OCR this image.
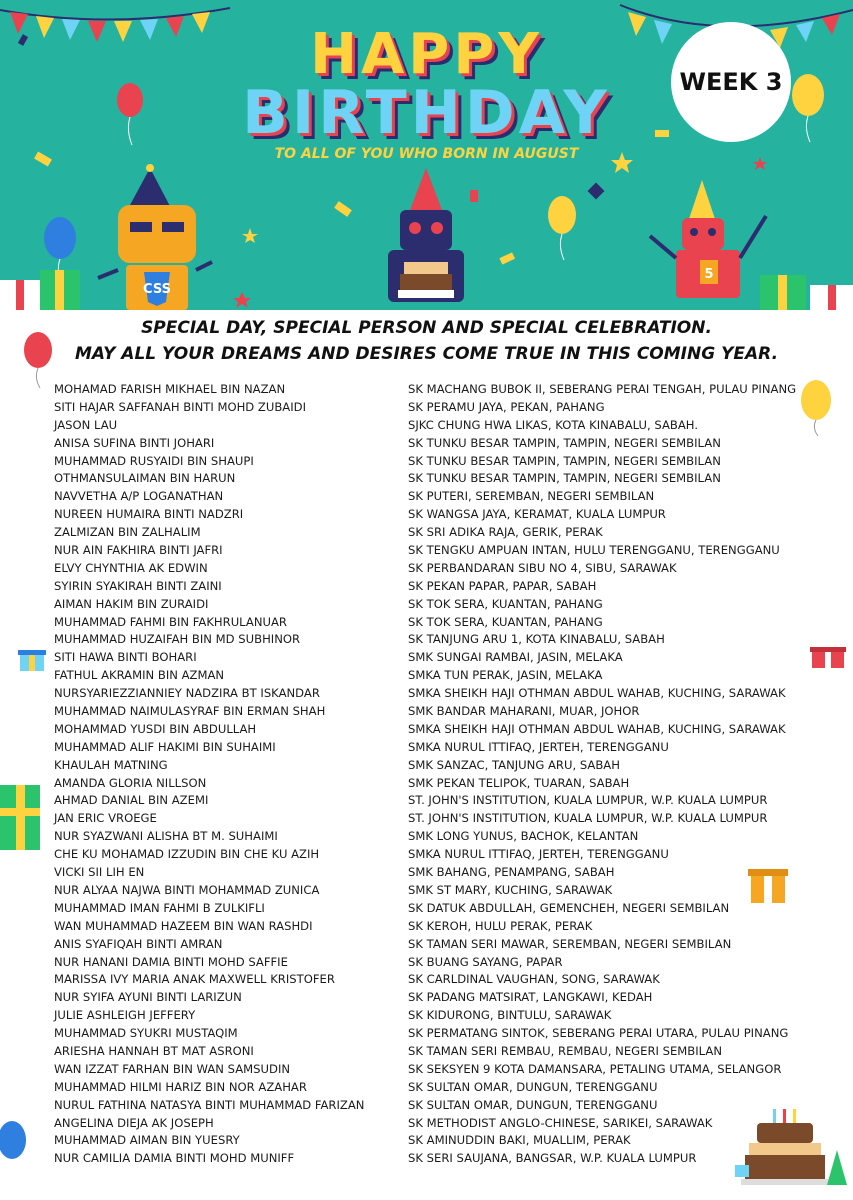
CSS
5
HAPPY
BIRTHDAY
TO ALL OF YOU WHO BORN IN AUGUST
WEEK 3
SPECIAL DAY, SPECIAL PERSON AND SPECIAL CELEBRATION.
MAY ALL YOUR DREAMS AND DESIRES COME TRUE IN THIS COMING YEAR.
MOHAMAD FARISH MIKHAEL BIN NAZAN
SITI HAJAR SAFFANAH BINTI MOHD ZUBAIDI
JASON LAU
ANISA SUFINA BINTI JOHARI
MUHAMMAD RUSYAIDI BIN SHAUPI
OTHMANSULAIMAN BIN HARUN
NAVVETHA A/P LOGANATHAN
NUREEN HUMAIRA BINTI NADZRI
ZALMIZAN BIN ZALHALIM
NUR AIN FAKHIRA BINTI JAFRI
ELVY CHYNTHIA AK EDWIN
SYIRIN SYAKIRAH BINTI ZAINI
AIMAN HAKIM BIN ZURAIDI
MUHAMMAD FAHMI BIN FAKHRULANUAR
MUHAMMAD HUZAIFAH BIN MD SUBHINOR
SITI HAWA BINTI BOHARI
FATHUL AKRAMIN BIN AZMAN
NURSYARIEZZIANNIEY NADZIRA BT ISKANDAR
MUHAMMAD NAIMULASYRAF BIN ERMAN SHAH
MOHAMMAD YUSDI BIN ABDULLAH
MUHAMMAD ALIF HAKIMI BIN SUHAIMI
KHAULAH MATNING
AMANDA GLORIA NILLSON
AHMAD DANIAL BIN AZEMI
JAN ERIC VROEGE
NUR SYAZWANI ALISHA BT M. SUHAIMI
CHE KU MOHAMAD IZZUDIN BIN CHE KU AZIH
VICKI SII LIH EN
NUR ALYAA NAJWA BINTI MOHAMMAD ZUNICA
MUHAMMAD IMAN FAHMI B ZULKIFLI
WAN MUHAMMAD HAZEEM BIN WAN RASHDI
ANIS SYAFIQAH BINTI AMRAN
NUR HANANI DAMIA BINTI MOHD SAFFIE
MARISSA IVY MARIA ANAK MAXWELL KRISTOFER
NUR SYIFA AYUNI BINTI LARIZUN
JULIE ASHLEIGH JEFFERY
MUHAMMAD SYUKRI MUSTAQIM
ARIESHA HANNAH BT MAT ASRONI
WAN IZZAT FARHAN BIN WAN SAMSUDIN
MUHAMMAD HILMI HARIZ BIN NOR AZAHAR
NURUL FATHINA NATASYA BINTI MUHAMMAD FARIZAN
ANGELINA DIEJA AK JOSEPH
MUHAMMAD AIMAN BIN YUESRY
NUR CAMILIA DAMIA BINTI MOHD MUNIFF
SK MACHANG BUBOK II, SEBERANG PERAI TENGAH, PULAU PINANG
SK PERAMU JAYA, PEKAN, PAHANG
SJKC CHUNG HWA LIKAS, KOTA KINABALU, SABAH.
SK TUNKU BESAR TAMPIN, TAMPIN, NEGERI SEMBILAN
SK TUNKU BESAR TAMPIN, TAMPIN, NEGERI SEMBILAN
SK TUNKU BESAR TAMPIN, TAMPIN, NEGERI SEMBILAN
SK PUTERI, SEREMBAN, NEGERI SEMBILAN
SK WANGSA JAYA, KERAMAT, KUALA LUMPUR
SK SRI ADIKA RAJA, GERIK, PERAK
SK TENGKU AMPUAN INTAN, HULU TERENGGANU, TERENGGANU
SK PERBANDARAN SIBU NO 4, SIBU, SARAWAK
SK PEKAN PAPAR, PAPAR, SABAH
SK TOK SERA, KUANTAN, PAHANG
SK TOK SERA, KUANTAN, PAHANG
SK TANJUNG ARU 1, KOTA KINABALU, SABAH
SMK SUNGAI RAMBAI, JASIN, MELAKA
SMKA TUN PERAK, JASIN, MELAKA
SMKA SHEIKH HAJI OTHMAN ABDUL WAHAB, KUCHING, SARAWAK
SMK BANDAR MAHARANI, MUAR, JOHOR
SMKA SHEIKH HAJI OTHMAN ABDUL WAHAB, KUCHING, SARAWAK
SMKA NURUL ITTIFAQ, JERTEH, TERENGGANU
SMK SANZAC, TANJUNG ARU, SABAH
SMK PEKAN TELIPOK, TUARAN, SABAH
ST. JOHN'S INSTITUTION, KUALA LUMPUR, W.P. KUALA LUMPUR
ST. JOHN'S INSTITUTION, KUALA LUMPUR, W.P. KUALA LUMPUR
SMK LONG YUNUS, BACHOK, KELANTAN
SMKA NURUL ITTIFAQ, JERTEH, TERENGGANU
SMK BAHANG, PENAMPANG, SABAH
SMK ST MARY, KUCHING, SARAWAK
SK DATUK ABDULLAH, GEMENCHEH, NEGERI SEMBILAN
SK KEROH, HULU PERAK, PERAK
SK TAMAN SERI MAWAR, SEREMBAN, NEGERI SEMBILAN
SK BUANG SAYANG, PAPAR
SK CARLDINAL VAUGHAN, SONG, SARAWAK
SK PADANG MATSIRAT, LANGKAWI, KEDAH
SK KIDURONG, BINTULU, SARAWAK
SK PERMATANG SINTOK, SEBERANG PERAI UTARA, PULAU PINANG
SK TAMAN SERI REMBAU, REMBAU, NEGERI SEMBILAN
SK SEKSYEN 9 KOTA DAMANSARA, PETALING UTAMA, SELANGOR
SK SULTAN OMAR, DUNGUN, TERENGGANU
SK SULTAN OMAR, DUNGUN, TERENGGANU
SK METHODIST ANGLO-CHINESE, SARIKEI, SARAWAK
SK AMINUDDIN BAKI, MUALLIM, PERAK
SK SERI SAUJANA, BANGSAR, W.P. KUALA LUMPUR
